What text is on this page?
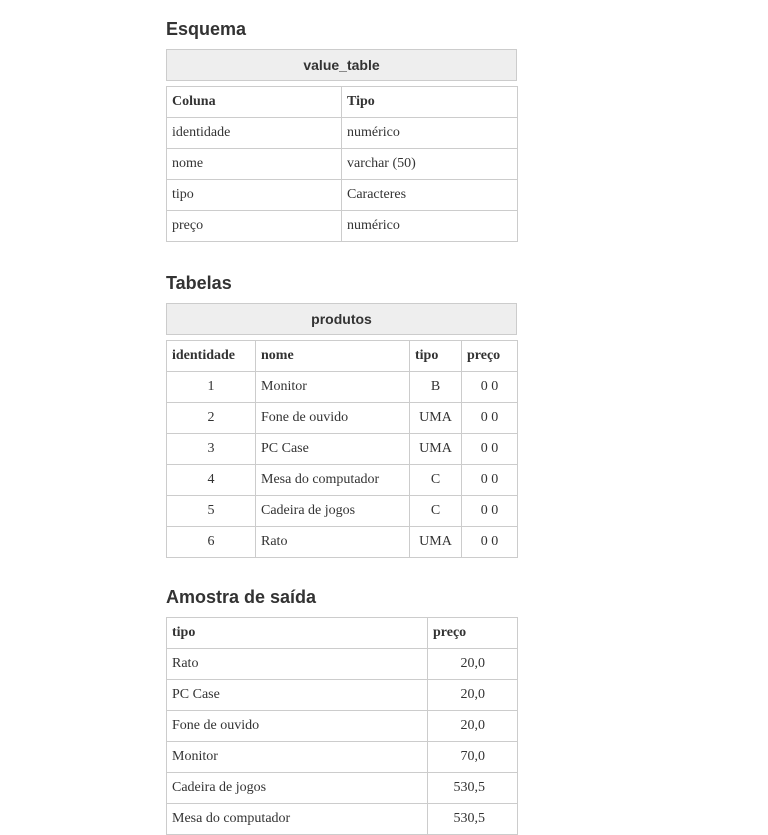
Esquema
value_table
Coluna	Tipo
identidade	numérico
nome	varchar (50)
tipo	Caracteres
preço	numérico
Tabelas
produtos
identidade	nome	tipo	preço
1	Monitor	B	0 0
2	Fone de ouvido	UMA	0 0
3	PC Case	UMA	0 0
4	Mesa do computador	C	0 0
5	Cadeira de jogos	C	0 0
6	Rato	UMA	0 0
Amostra de saída
tipo	preço
Rato	20,0
PC Case	20,0
Fone de ouvido	20,0
Monitor	70,0
Cadeira de jogos	530,5
Mesa do computador	530,5
